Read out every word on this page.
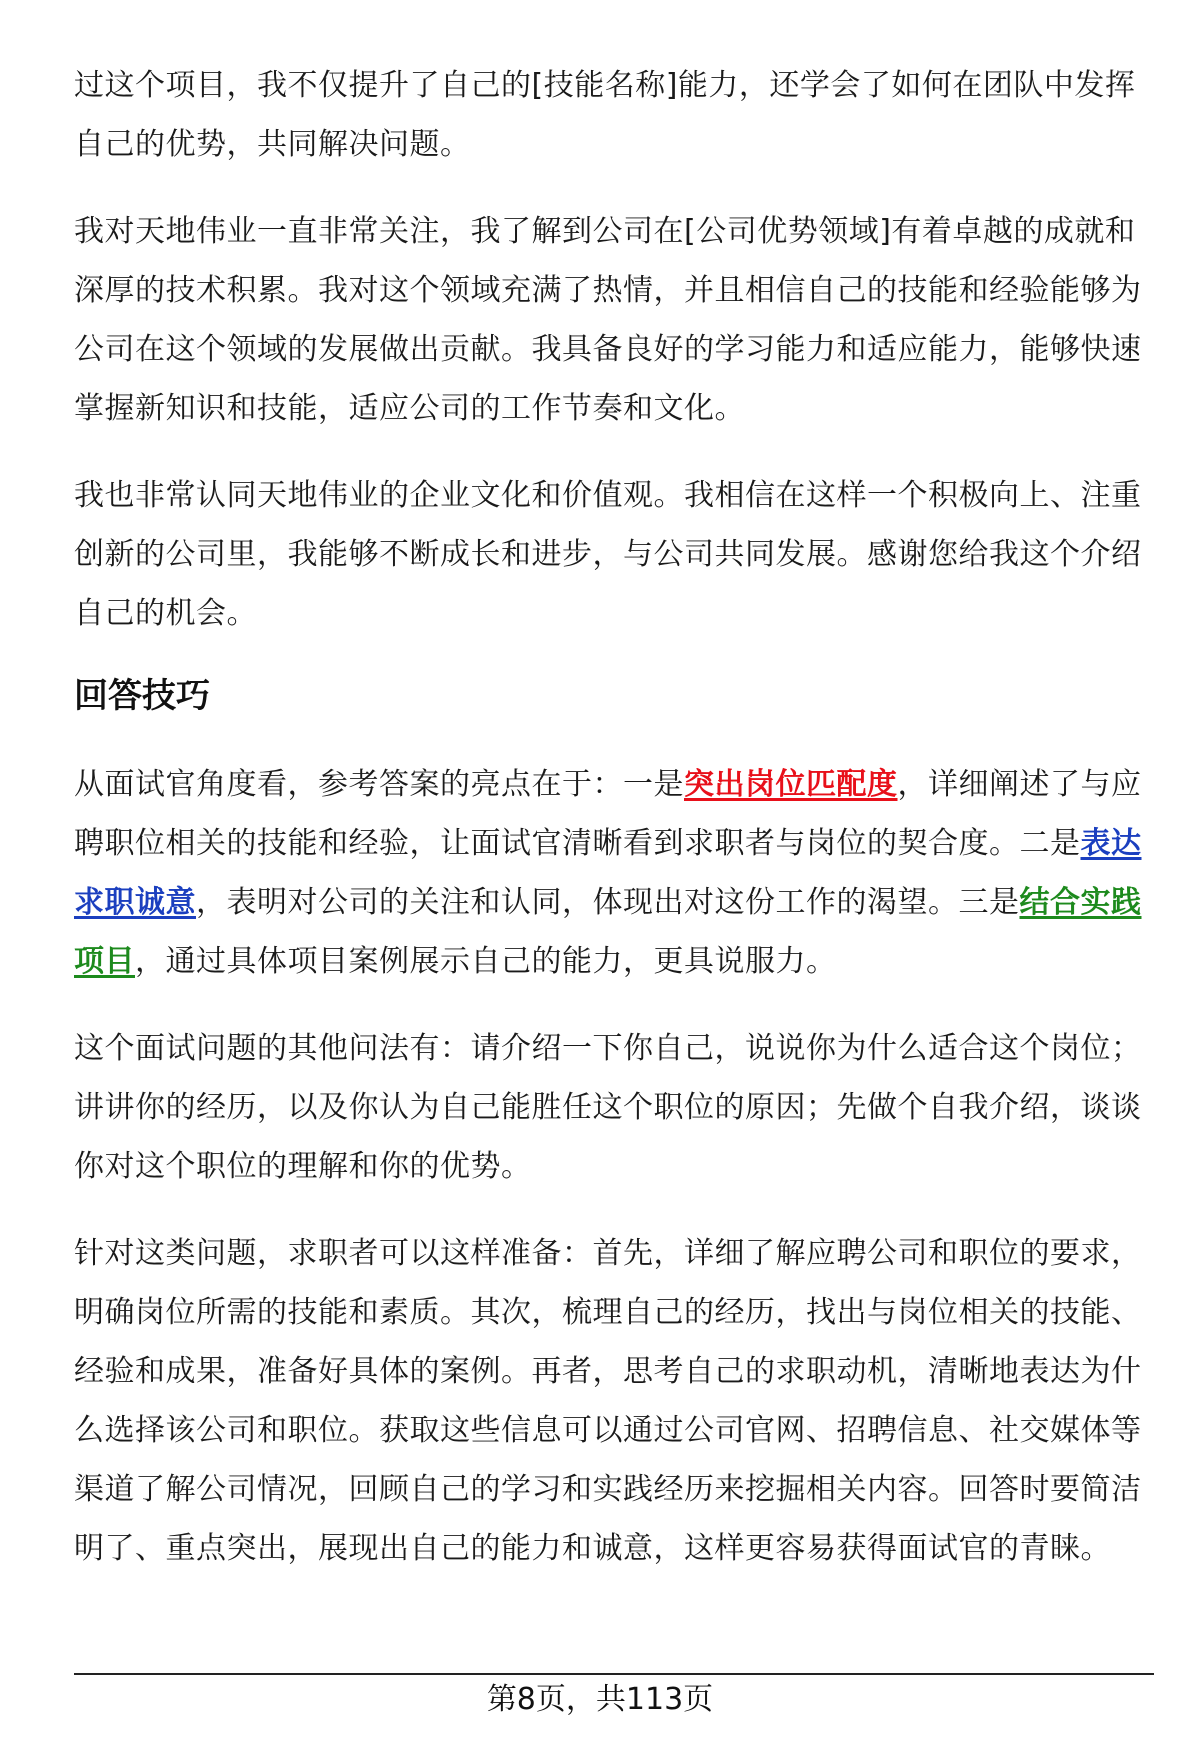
过这个项目，我不仅提升了自己的[技能名称]能力，还学会了如何在团队中发挥自己的优势，共同解决问题。

我对天地伟业一直非常关注，我了解到公司在[公司优势领域]有着卓越的成就和深厚的技术积累。我对这个领域充满了热情，并且相信自己的技能和经验能够为公司在这个领域的发展做出贡献。我具备良好的学习能力和适应能力，能够快速掌握新知识和技能，适应公司的工作节奏和文化。

我也非常认同天地伟业的企业文化和价值观。我相信在这样一个积极向上、注重创新的公司里，我能够不断成长和进步，与公司共同发展。感谢您给我这个介绍自己的机会。

回答技巧

从面试官角度看，参考答案的亮点在于：一是突出岗位匹配度，详细阐述了与应聘职位相关的技能和经验，让面试官清晰看到求职者与岗位的契合度。二是表达求职诚意，表明对公司的关注和认同，体现出对这份工作的渴望。三是结合实践项目，通过具体项目案例展示自己的能力，更具说服力。

这个面试问题的其他问法有：请介绍一下你自己，说说你为什么适合这个岗位；讲讲你的经历，以及你认为自己能胜任这个职位的原因；先做个自我介绍，谈谈你对这个职位的理解和你的优势。

针对这类问题，求职者可以这样准备：首先，详细了解应聘公司和职位的要求，明确岗位所需的技能和素质。其次，梳理自己的经历，找出与岗位相关的技能、经验和成果，准备好具体的案例。再者，思考自己的求职动机，清晰地表达为什么选择该公司和职位。获取这些信息可以通过公司官网、招聘信息、社交媒体等渠道了解公司情况，回顾自己的学习和实践经历来挖掘相关内容。回答时要简洁明了、重点突出，展现出自己的能力和诚意，这样更容易获得面试官的青睐。

第8页，共113页
